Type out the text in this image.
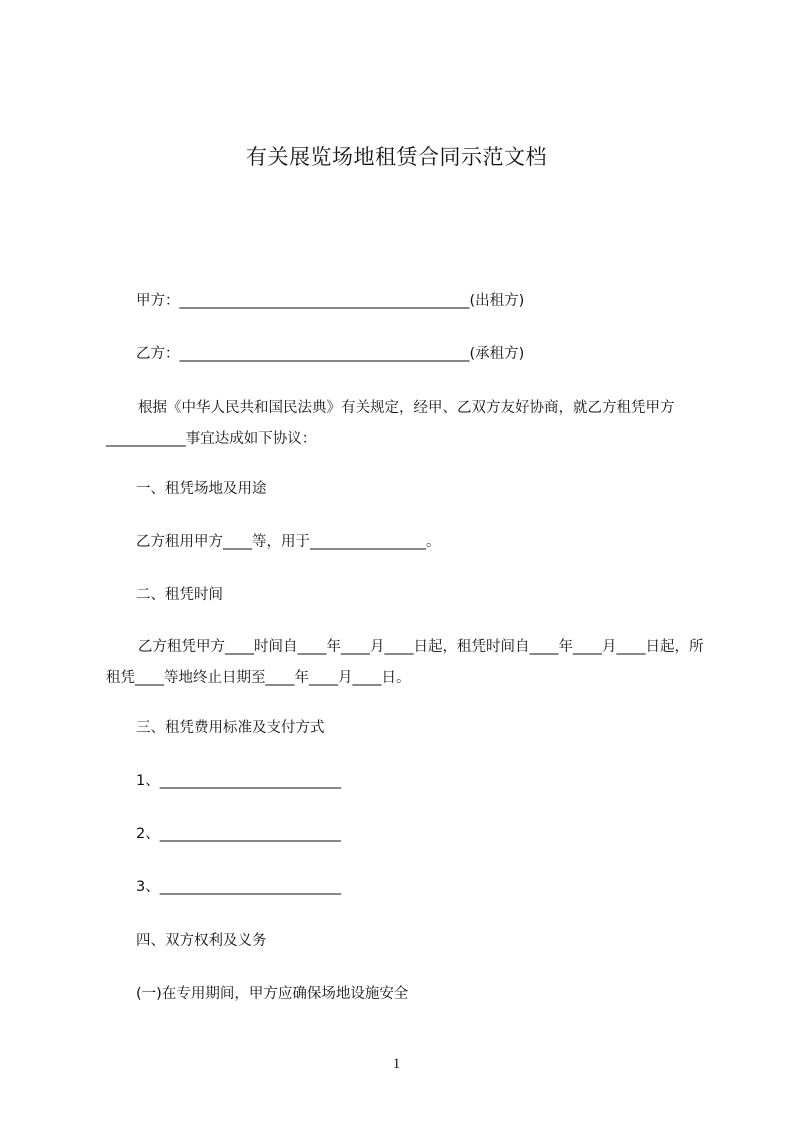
有关展览场地租赁合同示范文档
甲方：________________________________________(出租方)
乙方：________________________________________(承租方)
根据《中华人民共和国民法典》有关规定，经甲、乙双方友好协商，就乙方租凭甲方___________事宜达成如下协议：
一、租凭场地及用途
乙方租用甲方____等，用于________________。
二、租凭时间
乙方租凭甲方____时间自____年____月____日起，租凭时间自____年____月____日起，所租凭____等地终止日期至____年____月____日。
三、租凭费用标准及支付方式
1、_________________________
2、_________________________
3、_________________________
四、双方权利及义务
(一)在专用期间，甲方应确保场地设施安全
1
